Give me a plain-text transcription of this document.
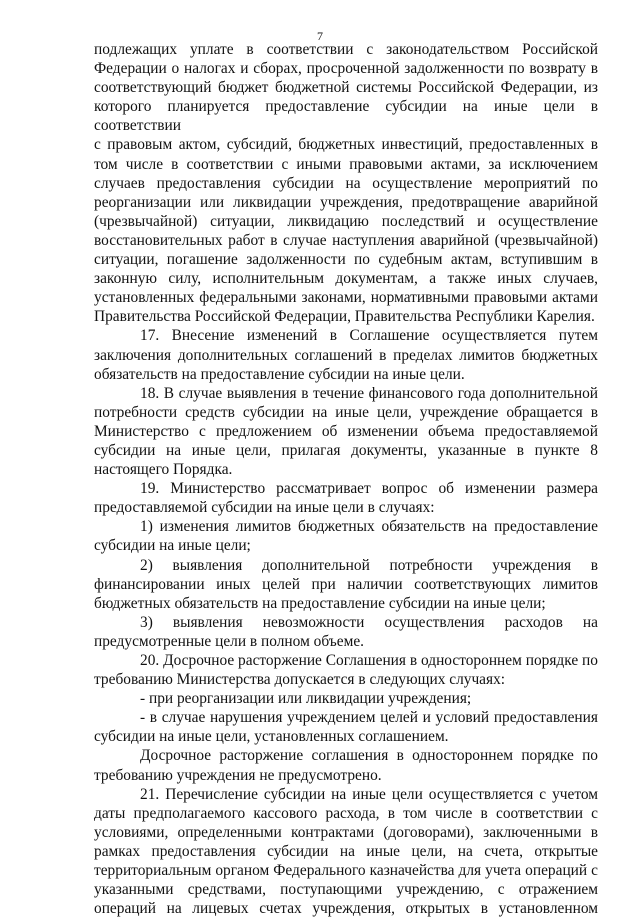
7
подлежащих уплате в соответствии с законодательством Российской
Федерации о налогах и сборах, просроченной задолженности по возврату в
соответствующий бюджет бюджетной системы Российской Федерации, из
которого планируется предоставление субсидии на иные цели в соответствии
с правовым актом, субсидий, бюджетных инвестиций, предоставленных в
том числе в соответствии с иными правовыми актами, за исключением
случаев предоставления субсидии на осуществление мероприятий по
реорганизации или ликвидации учреждения, предотвращение аварийной
(чрезвычайной) ситуации, ликвидацию последствий и осуществление
восстановительных работ в случае наступления аварийной (чрезвычайной)
ситуации, погашение задолженности по судебным актам, вступившим в
законную силу, исполнительным документам, а также иных случаев,
установленных федеральными законами, нормативными правовыми актами
Правительства Российской Федерации, Правительства Республики Карелия.
17. Внесение изменений в Соглашение осуществляется путем
заключения дополнительных соглашений в пределах лимитов бюджетных
обязательств на предоставление субсидии на иные цели.
18. В случае выявления в течение финансового года дополнительной
потребности средств субсидии на иные цели, учреждение обращается в
Министерство с предложением об изменении объема предоставляемой
субсидии на иные цели, прилагая документы, указанные в пункте 8
настоящего Порядка.
19. Министерство рассматривает вопрос об изменении размера
предоставляемой субсидии на иные цели в случаях:
1) изменения лимитов бюджетных обязательств на предоставление
субсидии на иные цели;
2) выявления дополнительной потребности учреждения в
финансировании иных целей при наличии соответствующих лимитов
бюджетных обязательств на предоставление субсидии на иные цели;
3) выявления невозможности осуществления расходов на
предусмотренные цели в полном объеме.
20. Досрочное расторжение Соглашения в одностороннем порядке по
требованию Министерства допускается в следующих случаях:
- при реорганизации или ликвидации учреждения;
- в случае нарушения учреждением целей и условий предоставления
субсидии на иные цели, установленных соглашением.
Досрочное расторжение соглашения в одностороннем порядке по
требованию учреждения не предусмотрено.
21. Перечисление субсидии на иные цели осуществляется с учетом
даты предполагаемого кассового расхода, в том числе в соответствии с
условиями, определенными контрактами (договорами), заключенными в
рамках предоставления субсидии на иные цели, на счета, открытые
территориальным органом Федерального казначейства для учета операций с
указанными средствами, поступающими учреждению, с отражением
операций на лицевых счетах учреждения, открытых в установленном
